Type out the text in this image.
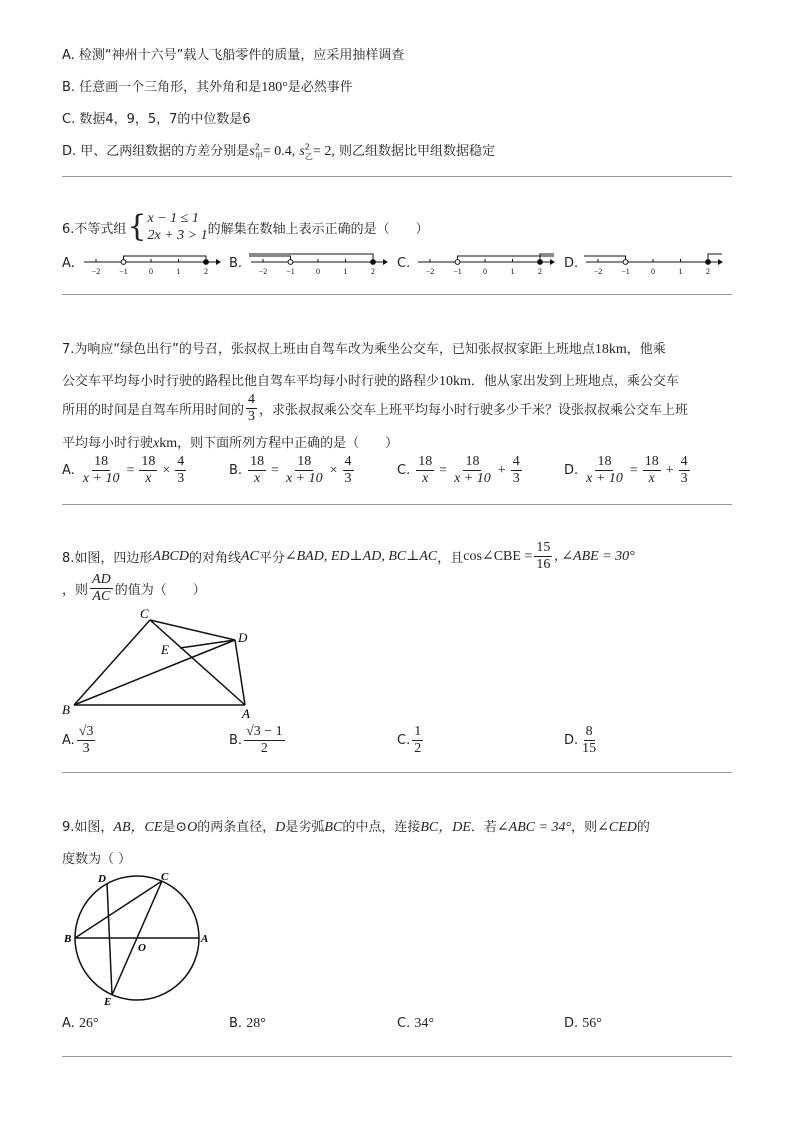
A. 检测“神州十六号”载人飞船零件的质量，应采用抽样调查
B. 任意画一个三角形，其外角和是180°是必然事件
C. 数据4，9，5，7的中位数是6
D. 甲、乙两组数据的方差分别是$s^2_甲= 0.4$, $s^2_乙= 2$, 则乙组数据比甲组数据稳定
6.不等式组 { x − 1 ≤ 1
2x + 3 > 1 的解集在数轴上表示正确的是（　　）
A.
−2 −1	0	1	2
B.
−2 −1	0	1	2
C.
−2 −1	0	1	2
D.
−2 −1	0	1	2
7.为响应“绿色出行”的号召，张叔叔上班由自驾车改为乘坐公交车，已知张叔叔家距上班地点18km，他乘
公交车平均每小时行驶的路程比他自驾车平均每小时行驶的路程少10km．他从家出发到上班地点，乘公交车
所用的时间是自驾车所用时间的 $\frac{4}{3}$ ，求张叔叔乘公交车上班平均每小时行驶多少千米？设张叔叔乘公交车上班
平均每小时行驶xkm，则下面所列方程中正确的是（　　）
A. $\frac{18}{x + 10} = \frac{18}{x} \times \frac{4}{3}$	B. $\frac{18}{x} = \frac{18}{x + 10} \times \frac{4}{3}$	C. $\frac{18}{x} = \frac{18}{x + 10} + \frac{4}{3}$	D. $\frac{18}{x + 10} = \frac{18}{x} + \frac{4}{3}$
8.如图，四边形 ABCD 的对角线 AC 平分 ∠BAD, ED⊥AD, BC⊥AC ，且 cos∠CBE = $\frac{15}{16}$ , ∠ABE = 30°
，则 $\frac{AD}{AC}$ 的值为（　　）
C
D
E
B	A
A. $\frac{√3}{3}$	B. $\frac{√3 - 1}{2}$	C. $\frac{1}{2}$	D. $\frac{8}{15}$
9.如图，AB，CE是⊙O的两条直径，D是劣弧BC的中点，连接BC，DE．若∠ABC = 34°，则∠CED的
度数为（ ）
D	C
B	A
O
E
A. 26°	B. 28°	C. 34°	D. 56°
